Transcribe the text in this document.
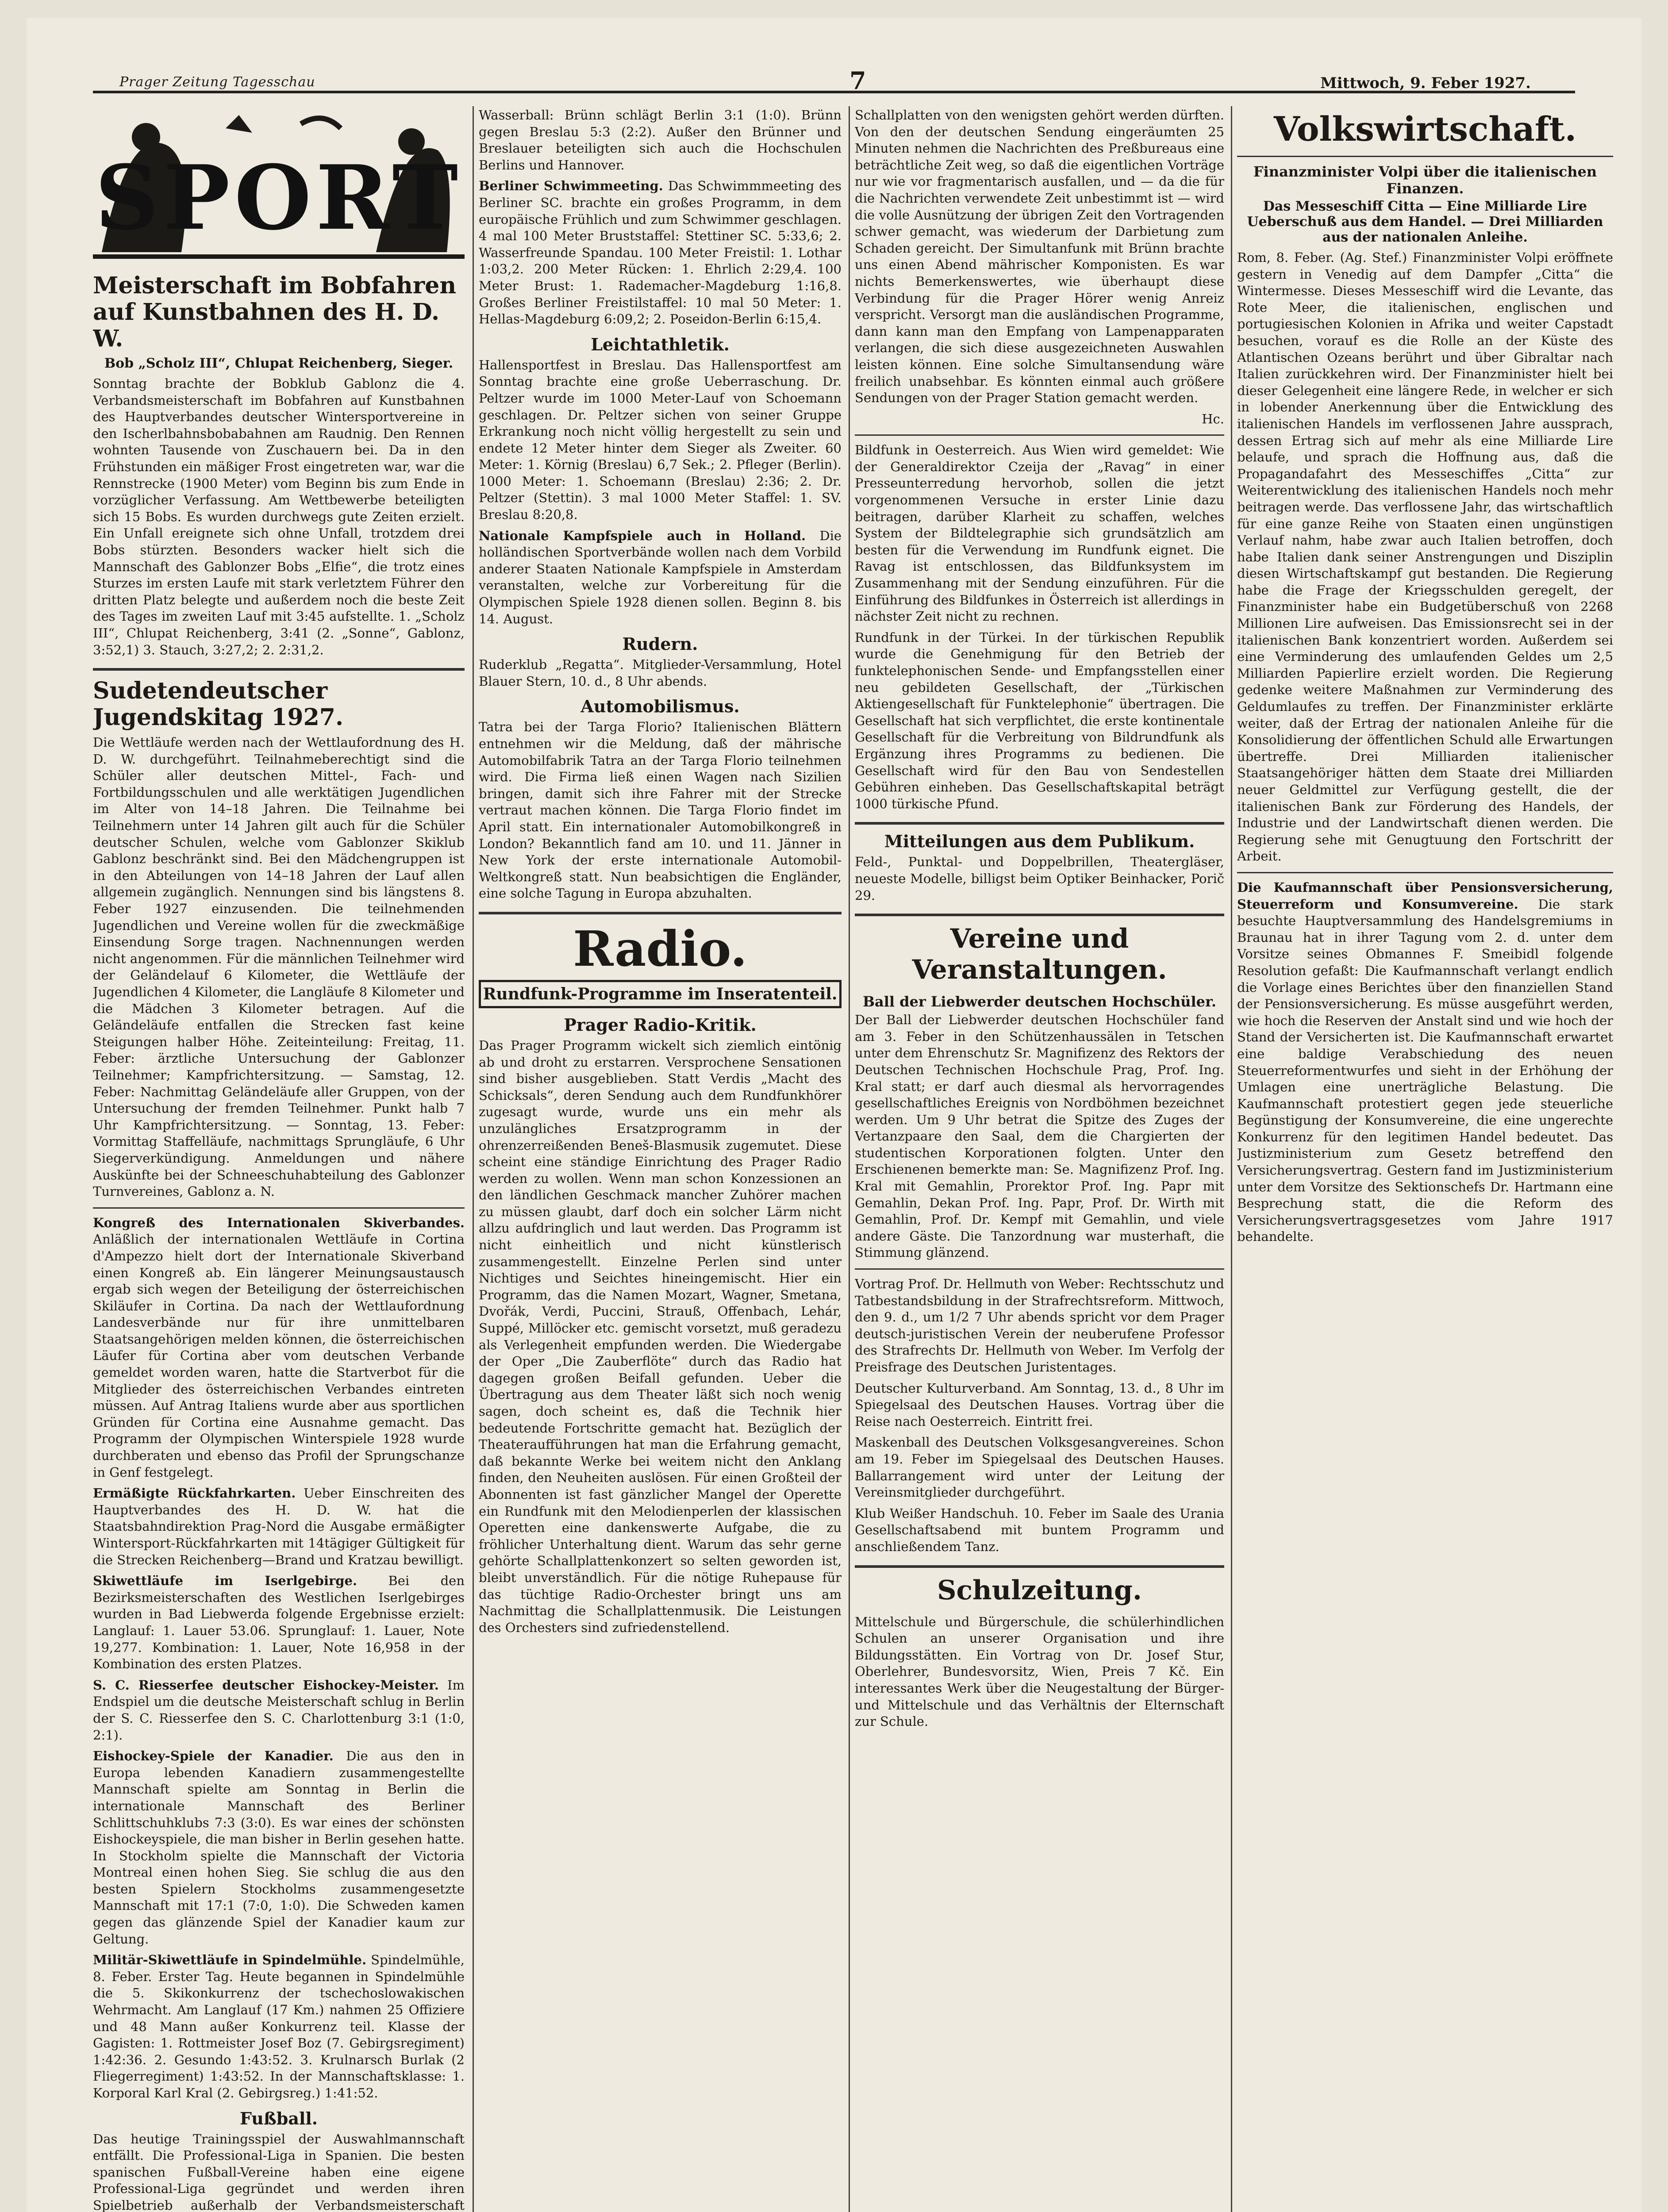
Prager Zeitung Tagesschau	7	Mittwoch, 9. Feber 1927.
SPORT
Meisterschaft im Bobfahren auf Kunstbahnen des H. D. W.
Bob „Scholz III“, Chlupat Reichenberg, Sieger.

Sonntag brachte der Bobklub Gablonz die 4. Verbandsmeisterschaft im Bobfahren auf Kunstbahnen des Hauptverbandes deutscher Wintersportvereine in den Ischerlbahnsbobabahnen am Raudnig. Den Rennen wohnten Tausende von Zuschauern bei. Da in den Frühstunden ein mäßiger Frost eingetreten war, war die Rennstrecke (1900 Meter) vom Beginn bis zum Ende in vorzüglicher Verfassung. Am Wettbewerbe beteiligten sich 15 Bobs. Es wurden durchwegs gute Zeiten erzielt. Ein Unfall ereignete sich ohne Unfall, trotzdem drei Bobs stürzten. Besonders wacker hielt sich die Mannschaft des Gablonzer Bobs „Elfie“, die trotz eines Sturzes im ersten Laufe mit stark verletztem Führer den dritten Platz belegte und außerdem noch die beste Zeit des Tages im zweiten Lauf mit 3:45 aufstellte. 1. „Scholz III“, Chlupat Reichenberg, 3:41 (2. „Sonne“, Gablonz, 3:52,1) 3. Stauch, 3:27,2; 2. 2:31,2.

Sudetendeutscher Jugendskitag 1927.

Die Wettläufe werden nach der Wettlaufordnung des H. D. W. durchgeführt. Teilnahmeberechtigt sind die Schüler aller deutschen Mittel-, Fach- und Fortbildungsschulen und alle werktätigen Jugendlichen im Alter von 14–18 Jahren. Die Teilnahme bei Teilnehmern unter 14 Jahren gilt auch für die Schüler deutscher Schulen, welche vom Gablonzer Skiklub Gablonz beschränkt sind. Bei den Mädchengruppen ist in den Abteilungen von 14–18 Jahren der Lauf allen allgemein zugänglich. Nennungen sind bis längstens 8. Feber 1927 einzusenden. Die teilnehmenden Jugendlichen und Vereine wollen für die zweckmäßige Einsendung Sorge tragen. Nachnennungen werden nicht angenommen. Für die männlichen Teilnehmer wird der Geländelauf 6 Kilometer, die Wettläufe der Jugendlichen 4 Kilometer, die Langläufe 8 Kilometer und die Mädchen 3 Kilometer betragen. Auf die Geländeläufe entfallen die Strecken fast keine Steigungen halber Höhe. Zeiteinteilung: Freitag, 11. Feber: ärztliche Untersuchung der Gablonzer Teilnehmer; Kampfrichtersitzung. — Samstag, 12. Feber: Nachmittag Geländeläufe aller Gruppen, von der Untersuchung der fremden Teilnehmer. Punkt halb 7 Uhr Kampfrichtersitzung. — Sonntag, 13. Feber: Vormittag Staffelläufe, nachmittags Sprungläufe, 6 Uhr Siegerverkündigung. Anmeldungen und nähere Auskünfte bei der Schneeschuhabteilung des Gablonzer Turnvereines, Gablonz a. N.

Kongreß des Internationalen Skiverbandes. Anläßlich der internationalen Wettläufe in Cortina d'Ampezzo hielt dort der Internationale Skiverband einen Kongreß ab. Ein längerer Meinungsaustausch ergab sich wegen der Beteiligung der österreichischen Skiläufer in Cortina. Da nach der Wettlaufordnung Landesverbände nur für ihre unmittelbaren Staatsangehörigen melden können, die österreichischen Läufer für Cortina aber vom deutschen Verbande gemeldet worden waren, hatte die Startverbot für die Mitglieder des österreichischen Verbandes eintreten müssen. Auf Antrag Italiens wurde aber aus sportlichen Gründen für Cortina eine Ausnahme gemacht. Das Programm der Olympischen Winterspiele 1928 wurde durchberaten und ebenso das Profil der Sprungschanze in Genf festgelegt.

Ermäßigte Rückfahrkarten. Ueber Einschreiten des Hauptverbandes des H. D. W. hat die Staatsbahndirektion Prag-Nord die Ausgabe ermäßigter Wintersport-Rückfahrkarten mit 14tägiger Gültigkeit für die Strecken Reichenberg—Brand und Kratzau bewilligt.

Skiwettläufe im Iserlgebirge. Bei den Bezirksmeisterschaften des Westlichen Iserlgebirges wurden in Bad Liebwerda folgende Ergebnisse erzielt: Langlauf: 1. Lauer 53.06. Sprunglauf: 1. Lauer, Note 19,277. Kombination: 1. Lauer, Note 16,958 in der Kombination des ersten Platzes.

S. C. Riesserfee deutscher Eishockey-Meister. Im Endspiel um die deutsche Meisterschaft schlug in Berlin der S. C. Riesserfee den S. C. Charlottenburg 3:1 (1:0, 2:1).

Eishockey-Spiele der Kanadier. Die aus den in Europa lebenden Kanadiern zusammengestellte Mannschaft spielte am Sonntag in Berlin die internationale Mannschaft des Berliner Schlittschuhklubs 7:3 (3:0). Es war eines der schönsten Eishockeyspiele, die man bisher in Berlin gesehen hatte. In Stockholm spielte die Mannschaft der Victoria Montreal einen hohen Sieg. Sie schlug die aus den besten Spielern Stockholms zusammengesetzte Mannschaft mit 17:1 (7:0, 1:0). Die Schweden kamen gegen das glänzende Spiel der Kanadier kaum zur Geltung.

Militär-Skiwettläufe in Spindelmühle. Spindelmühle, 8. Feber. Erster Tag. Heute begannen in Spindelmühle die 5. Skikonkurrenz der tschechoslowakischen Wehrmacht. Am Langlauf (17 Km.) nahmen 25 Offiziere und 48 Mann außer Konkurrenz teil. Klasse der Gagisten: 1. Rottmeister Josef Boz (7. Gebirgsregiment) 1:42:36. 2. Gesundo 1:43:52. 3. Krulnarsch Burlak (2 Fliegerregiment) 1:43:52. In der Mannschaftsklasse: 1. Korporal Karl Kral (2. Gebirgsreg.) 1:41:52.

Fußball.

Das heutige Trainingsspiel der Auswahlmannschaft entfällt. Die Professional-Liga in Spanien. Die besten spanischen Fußball-Vereine haben eine eigene Professional-Liga gegründet und werden ihren Spielbetrieb außerhalb der Verbandsmeisterschaft

Wasserball: Brünn schlägt Berlin 3:1 (1:0). Brünn gegen Breslau 5:3 (2:2). Außer den Brünner und Breslauer beteiligten sich auch die Hochschulen Berlins und Hannover.

Berliner Schwimmeeting. Das Schwimmmeeting des Berliner SC. brachte ein großes Programm, in dem europäische Frühlich und zum Schwimmer geschlagen. 4 mal 100 Meter Bruststaffel: Stettiner SC. 5:33,6; 2. Wasserfreunde Spandau. 100 Meter Freistil: 1. Lothar 1:03,2. 200 Meter Rücken: 1. Ehrlich 2:29,4. 100 Meter Brust: 1. Rademacher-Magdeburg 1:16,8. Großes Berliner Freistilstaffel: 10 mal 50 Meter: 1. Hellas-Magdeburg 6:09,2; 2. Poseidon-Berlin 6:15,4.

Leichtathletik.

Hallensportfest in Breslau. Das Hallensportfest am Sonntag brachte eine große Ueberraschung. Dr. Peltzer wurde im 1000 Meter-Lauf von Schoemann geschlagen. Dr. Peltzer sichen von seiner Gruppe Erkrankung noch nicht völlig hergestellt zu sein und endete 12 Meter hinter dem Sieger als Zweiter. 60 Meter: 1. Körnig (Breslau) 6,7 Sek.; 2. Pfleger (Berlin). 1000 Meter: 1. Schoemann (Breslau) 2:36; 2. Dr. Peltzer (Stettin). 3 mal 1000 Meter Staffel: 1. SV. Breslau 8:20,8.

Nationale Kampfspiele auch in Holland. Die holländischen Sportverbände wollen nach dem Vorbild anderer Staaten Nationale Kampfspiele in Amsterdam veranstalten, welche zur Vorbereitung für die Olympischen Spiele 1928 dienen sollen. Beginn 8. bis 14. August.

Rudern.

Ruderklub „Regatta“. Mitglieder-Versammlung, Hotel Blauer Stern, 10. d., 8 Uhr abends.

Automobilismus.

Tatra bei der Targa Florio? Italienischen Blättern entnehmen wir die Meldung, daß der mährische Automobilfabrik Tatra an der Targa Florio teilnehmen wird. Die Firma ließ einen Wagen nach Sizilien bringen, damit sich ihre Fahrer mit der Strecke vertraut machen können. Die Targa Florio findet im April statt. Ein internationaler Automobilkongreß in London? Bekanntlich fand am 10. und 11. Jänner in New York der erste internationale Automobil-Weltkongreß statt. Nun beabsichtigen die Engländer, eine solche Tagung in Europa abzuhalten.

Radio.
Rundfunk-Programme im Inseratenteil.
Prager Radio-Kritik.

Das Prager Programm wickelt sich ziemlich eintönig ab und droht zu erstarren. Versprochene Sensationen sind bisher ausgeblieben. Statt Verdis „Macht des Schicksals“, deren Sendung auch dem Rundfunkhörer zugesagt wurde, wurde uns ein mehr als unzulängliches Ersatzprogramm in der ohrenzerreißenden Beneš-Blasmusik zugemutet. Diese scheint eine ständige Einrichtung des Prager Radio werden zu wollen. Wenn man schon Konzessionen an den ländlichen Geschmack mancher Zuhörer machen zu müssen glaubt, darf doch ein solcher Lärm nicht allzu aufdringlich und laut werden. Das Programm ist nicht einheitlich und nicht künstlerisch zusammengestellt. Einzelne Perlen sind unter Nichtiges und Seichtes hineingemischt. Hier ein Programm, das die Namen Mozart, Wagner, Smetana, Dvořák, Verdi, Puccini, Strauß, Offenbach, Lehár, Suppé, Millöcker etc. gemischt vorsetzt, muß geradezu als Verlegenheit empfunden werden. Die Wiedergabe der Oper „Die Zauberflöte“ durch das Radio hat dagegen großen Beifall gefunden. Ueber die Übertragung aus dem Theater läßt sich noch wenig sagen, doch scheint es, daß die Technik hier bedeutende Fortschritte gemacht hat. Bezüglich der Theateraufführungen hat man die Erfahrung gemacht, daß bekannte Werke bei weitem nicht den Anklang finden, den Neuheiten auslösen. Für einen Großteil der Abonnenten ist fast gänzlicher Mangel der Operette ein Rundfunk mit den Melodienperlen der klassischen Operetten eine dankenswerte Aufgabe, die zu fröhlicher Unterhaltung dient. Warum das sehr gerne gehörte Schallplattenkonzert so selten geworden ist, bleibt unverständlich. Für die nötige Ruhepause für das tüchtige Radio-Orchester bringt uns am Nachmittag die Schallplattenmusik. Die Leistungen des Orchesters sind zufriedenstellend.

Schallplatten von den wenigsten gehört werden dürften. Von den der deutschen Sendung eingeräumten 25 Minuten nehmen die Nachrichten des Preßbureaus eine beträchtliche Zeit weg, so daß die eigentlichen Vorträge nur wie vor fragmentarisch ausfallen, und — da die für die Nachrichten verwendete Zeit unbestimmt ist — wird die volle Ausnützung der übrigen Zeit den Vortragenden schwer gemacht, was wiederum der Darbietung zum Schaden gereicht. Der Simultanfunk mit Brünn brachte uns einen Abend mährischer Komponisten. Es war nichts Bemerkenswertes, wie überhaupt diese Verbindung für die Prager Hörer wenig Anreiz verspricht. Versorgt man die ausländischen Programme, dann kann man den Empfang von Lampenapparaten verlangen, die sich diese ausgezeichneten Auswahlen leisten können. Eine solche Simultansendung wäre freilich unabsehbar. Es könnten einmal auch größere Sendungen von der Prager Station gemacht werden.

Hc.

Bildfunk in Oesterreich. Aus Wien wird gemeldet: Wie der Generaldirektor Czeija der „Ravag“ in einer Presseunterredung hervorhob, sollen die jetzt vorgenommenen Versuche in erster Linie dazu beitragen, darüber Klarheit zu schaffen, welches System der Bildtelegraphie sich grundsätzlich am besten für die Verwendung im Rundfunk eignet. Die Ravag ist entschlossen, das Bildfunksystem im Zusammenhang mit der Sendung einzuführen. Für die Einführung des Bildfunkes in Österreich ist allerdings in nächster Zeit nicht zu rechnen.

Rundfunk in der Türkei. In der türkischen Republik wurde die Genehmigung für den Betrieb der funktelephonischen Sende- und Empfangsstellen einer neu gebildeten Gesellschaft, der „Türkischen Aktiengesellschaft für Funktelephonie“ übertragen. Die Gesellschaft hat sich verpflichtet, die erste kontinentale Gesellschaft für die Verbreitung von Bildrundfunk als Ergänzung ihres Programms zu bedienen. Die Gesellschaft wird für den Bau von Sendestellen Gebühren einheben. Das Gesellschaftskapital beträgt 1000 türkische Pfund.

Mitteilungen aus dem Publikum.

Feld-, Punktal- und Doppelbrillen, Theatergläser, neueste Modelle, billigst beim Optiker Beinhacker, Porič 29.

Vereine und Veranstaltungen.
Ball der Liebwerder deutschen Hochschüler.

Der Ball der Liebwerder deutschen Hochschüler fand am 3. Feber in den Schützenhaussälen in Tetschen unter dem Ehrenschutz Sr. Magnifizenz des Rektors der Deutschen Technischen Hochschule Prag, Prof. Ing. Kral statt; er darf auch diesmal als hervorragendes gesellschaftliches Ereignis von Nordböhmen bezeichnet werden. Um 9 Uhr betrat die Spitze des Zuges der Vertanzpaare den Saal, dem die Chargierten der studentischen Korporationen folgten. Unter den Erschienenen bemerkte man: Se. Magnifizenz Prof. Ing. Kral mit Gemahlin, Prorektor Prof. Ing. Papr mit Gemahlin, Dekan Prof. Ing. Papr, Prof. Dr. Wirth mit Gemahlin, Prof. Dr. Kempf mit Gemahlin, und viele andere Gäste. Die Tanzordnung war musterhaft, die Stimmung glänzend.

Vortrag Prof. Dr. Hellmuth von Weber: Rechtsschutz und Tatbestandsbildung in der Strafrechtsreform. Mittwoch, den 9. d., um 1/2 7 Uhr abends spricht vor dem Prager deutsch-juristischen Verein der neuberufene Professor des Strafrechts Dr. Hellmuth von Weber. Im Verfolg der Preisfrage des Deutschen Juristentages.

Deutscher Kulturverband. Am Sonntag, 13. d., 8 Uhr im Spiegelsaal des Deutschen Hauses. Vortrag über die Reise nach Oesterreich. Eintritt frei.

Maskenball des Deutschen Volksgesangvereines. Schon am 19. Feber im Spiegelsaal des Deutschen Hauses. Ballarrangement wird unter der Leitung der Vereinsmitglieder durchgeführt.

Klub Weißer Handschuh. 10. Feber im Saale des Urania Gesellschaftsabend mit buntem Programm und anschließendem Tanz.

Schulzeitung.

Mittelschule und Bürgerschule, die schülerhindlichen Schulen an unserer Organisation und ihre Bildungsstätten. Ein Vortrag von Dr. Josef Stur, Oberlehrer, Bundesvorsitz, Wien, Preis 7 Kč. Ein interessantes Werk über die Neugestaltung der Bürger- und Mittelschule und das Verhältnis der Elternschaft zur Schule.

Volkswirtschaft.
Finanzminister Volpi über die italienischen Finanzen.
Das Messeschiff Citta — Eine Milliarde Lire Ueberschuß aus dem Handel. — Drei Milliarden aus der nationalen Anleihe.

Rom, 8. Feber. (Ag. Stef.) Finanzminister Volpi eröffnete gestern in Venedig auf dem Dampfer „Citta“ die Wintermesse. Dieses Messeschiff wird die Levante, das Rote Meer, die italienischen, englischen und portugiesischen Kolonien in Afrika und weiter Capstadt besuchen, vorauf es die Rolle an der Küste des Atlantischen Ozeans berührt und über Gibraltar nach Italien zurückkehren wird. Der Finanzminister hielt bei dieser Gelegenheit eine längere Rede, in welcher er sich in lobender Anerkennung über die Entwicklung des italienischen Handels im verflossenen Jahre aussprach, dessen Ertrag sich auf mehr als eine Milliarde Lire belaufe, und sprach die Hoffnung aus, daß die Propagandafahrt des Messeschiffes „Citta“ zur Weiterentwicklung des italienischen Handels noch mehr beitragen werde. Das verflossene Jahr, das wirtschaftlich für eine ganze Reihe von Staaten einen ungünstigen Verlauf nahm, habe zwar auch Italien betroffen, doch habe Italien dank seiner Anstrengungen und Disziplin diesen Wirtschaftskampf gut bestanden. Die Regierung habe die Frage der Kriegsschulden geregelt, der Finanzminister habe ein Budgetüberschuß von 2268 Millionen Lire aufweisen. Das Emissionsrecht sei in der italienischen Bank konzentriert worden. Außerdem sei eine Verminderung des umlaufenden Geldes um 2,5 Milliarden Papierlire erzielt worden. Die Regierung gedenke weitere Maßnahmen zur Verminderung des Geldumlaufes zu treffen. Der Finanzminister erklärte weiter, daß der Ertrag der nationalen Anleihe für die Konsolidierung der öffentlichen Schuld alle Erwartungen übertreffe. Drei Milliarden italienischer Staatsangehöriger hätten dem Staate drei Milliarden neuer Geldmittel zur Verfügung gestellt, die der italienischen Bank zur Förderung des Handels, der Industrie und der Landwirtschaft dienen werden. Die Regierung sehe mit Genugtuung den Fortschritt der Arbeit.

Die Kaufmannschaft über Pensionsversicherung, Steuerreform und Konsumvereine. Die stark besuchte Hauptversammlung des Handelsgremiums in Braunau hat in ihrer Tagung vom 2. d. unter dem Vorsitze seines Obmannes F. Smeibidl folgende Resolution gefaßt: Die Kaufmannschaft verlangt endlich die Vorlage eines Berichtes über den finanziellen Stand der Pensionsversicherung. Es müsse ausgeführt werden, wie hoch die Reserven der Anstalt sind und wie hoch der Stand der Versicherten ist. Die Kaufmannschaft erwartet eine baldige Verabschiedung des neuen Steuerreformentwurfes und sieht in der Erhöhung der Umlagen eine unerträgliche Belastung. Die Kaufmannschaft protestiert gegen jede steuerliche Begünstigung der Konsumvereine, die eine ungerechte Konkurrenz für den legitimen Handel bedeutet. Das Justizministerium zum Gesetz betreffend den Versicherungsvertrag. Gestern fand im Justizministerium unter dem Vorsitze des Sektionschefs Dr. Hartmann eine Besprechung statt, die die Reform des Versicherungsvertragsgesetzes vom Jahre 1917 behandelte.
